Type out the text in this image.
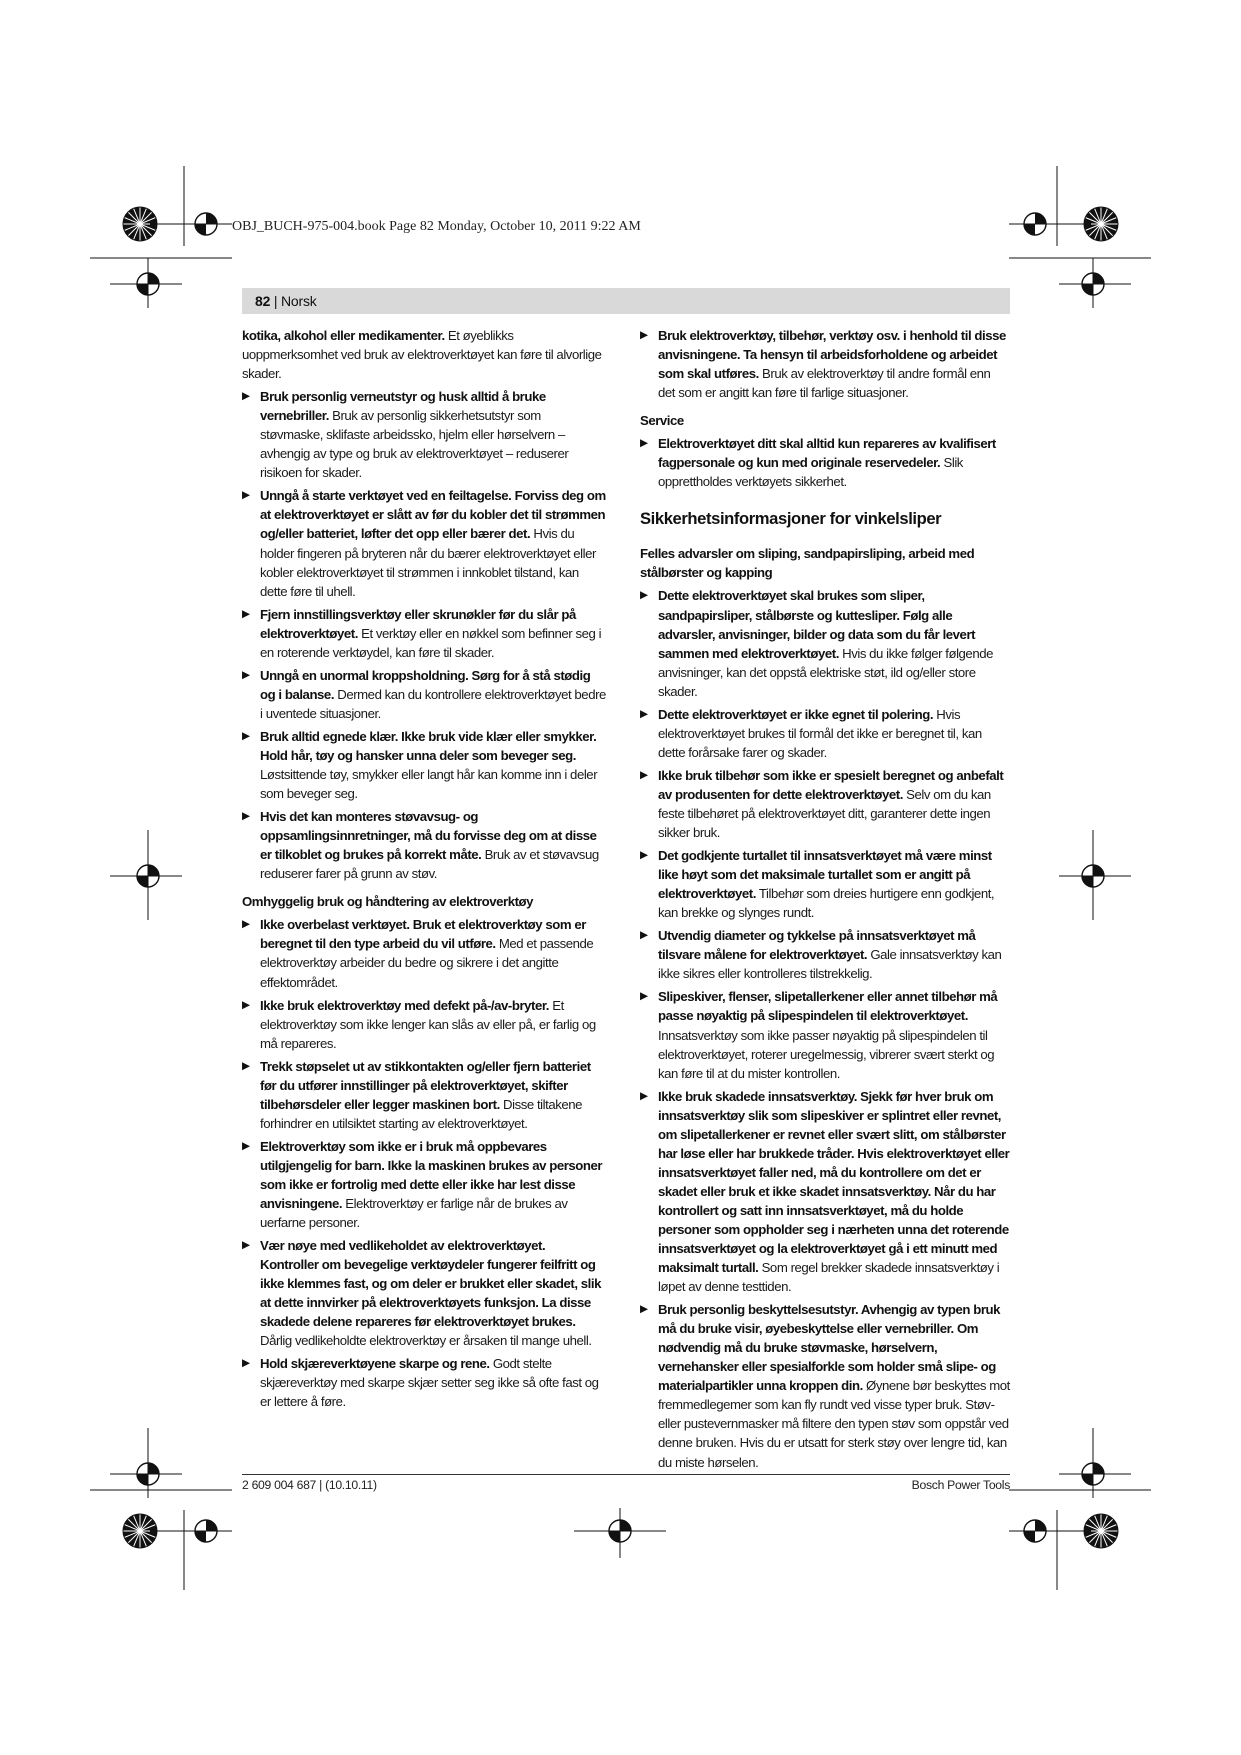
OBJ_BUCH-975-004.book Page 82 Monday, October 10, 2011 9:22 AM
82 | Norsk

kotika, alkohol eller medikamenter. Et øyeblikks uoppmerksomhet ved bruk av elektroverktøyet kan føre til alvorlige skader.

▶ Bruk personlig verneutstyr og husk alltid å bruke vernebriller. Bruk av personlig sikkerhetsutstyr som støvmaske, sklifaste arbeidssko, hjelm eller hørselvern – avhengig av type og bruk av elektroverktøyet – reduserer risikoen for skader.
▶ Unngå å starte verktøyet ved en feiltagelse. Forviss deg om at elektroverktøyet er slått av før du kobler det til strømmen og/eller batteriet, løfter det opp eller bærer det. Hvis du holder fingeren på bryteren når du bærer elektroverktøyet eller kobler elektroverktøyet til strømmen i innkoblet tilstand, kan dette føre til uhell.
▶ Fjern innstillingsverktøy eller skrunøkler før du slår på elektroverktøyet. Et verktøy eller en nøkkel som befinner seg i en roterende verktøydel, kan føre til skader.
▶ Unngå en unormal kroppsholdning. Sørg for å stå stødig og i balanse. Dermed kan du kontrollere elektroverktøyet bedre i uventede situasjoner.
▶ Bruk alltid egnede klær. Ikke bruk vide klær eller smykker. Hold hår, tøy og hansker unna deler som beveger seg. Løstsittende tøy, smykker eller langt hår kan komme inn i deler som beveger seg.
▶ Hvis det kan monteres støvavsug- og oppsamlingsinnretninger, må du forvisse deg om at disse er tilkoblet og brukes på korrekt måte. Bruk av et støvavsug reduserer farer på grunn av støv.
Omhyggelig bruk og håndtering av elektroverktøy
▶ Ikke overbelast verktøyet. Bruk et elektroverktøy som er beregnet til den type arbeid du vil utføre. Med et passende elektroverktøy arbeider du bedre og sikrere i det angitte effektområdet.
▶ Ikke bruk elektroverktøy med defekt på-/av-bryter. Et elektroverktøy som ikke lenger kan slås av eller på, er farlig og må repareres.
▶ Trekk støpselet ut av stikkontakten og/eller fjern batteriet før du utfører innstillinger på elektroverktøyet, skifter tilbehørsdeler eller legger maskinen bort. Disse tiltakene forhindrer en utilsiktet starting av elektroverktøyet.
▶ Elektroverktøy som ikke er i bruk må oppbevares utilgjengelig for barn. Ikke la maskinen brukes av personer som ikke er fortrolig med dette eller ikke har lest disse anvisningene. Elektroverktøy er farlige når de brukes av uerfarne personer.
▶ Vær nøye med vedlikeholdet av elektroverktøyet. Kontroller om bevegelige verktøydeler fungerer feilfritt og ikke klemmes fast, og om deler er brukket eller skadet, slik at dette innvirker på elektroverktøyets funksjon. La disse skadede delene repareres før elektroverktøyet brukes. Dårlig vedlikeholdte elektroverktøy er årsaken til mange uhell.
▶ Hold skjæreverktøyene skarpe og rene. Godt stelte skjæreverktøy med skarpe skjær setter seg ikke så ofte fast og er lettere å føre.
▶ Bruk elektroverktøy, tilbehør, verktøy osv. i henhold til disse anvisningene. Ta hensyn til arbeidsforholdene og arbeidet som skal utføres. Bruk av elektroverktøy til andre formål enn det som er angitt kan føre til farlige situasjoner.
Service
▶ Elektroverktøyet ditt skal alltid kun repareres av kvalifisert fagpersonale og kun med originale reservedeler. Slik opprettholdes verktøyets sikkerhet.
Sikkerhetsinformasjoner for vinkelsliper
Felles advarsler om sliping, sandpapirsliping, arbeid med stålbørster og kapping
▶ Dette elektroverktøyet skal brukes som sliper, sandpapirsliper, stålbørste og kuttesliper. Følg alle advarsler, anvisninger, bilder og data som du får levert sammen med elektroverktøyet. Hvis du ikke følger følgende anvisninger, kan det oppstå elektriske støt, ild og/eller store skader.
▶ Dette elektroverktøyet er ikke egnet til polering. Hvis elektroverktøyet brukes til formål det ikke er beregnet til, kan dette forårsake farer og skader.
▶ Ikke bruk tilbehør som ikke er spesielt beregnet og anbefalt av produsenten for dette elektroverktøyet. Selv om du kan feste tilbehøret på elektroverktøyet ditt, garanterer dette ingen sikker bruk.
▶ Det godkjente turtallet til innsatsverktøyet må være minst like høyt som det maksimale turtallet som er angitt på elektroverktøyet. Tilbehør som dreies hurtigere enn godkjent, kan brekke og slynges rundt.
▶ Utvendig diameter og tykkelse på innsatsverktøyet må tilsvare målene for elektroverktøyet. Gale innsatsverktøy kan ikke sikres eller kontrolleres tilstrekkelig.
▶ Slipeskiver, flenser, slipetallerkener eller annet tilbehør må passe nøyaktig på slipespindelen til elektroverktøyet. Innsatsverktøy som ikke passer nøyaktig på slipespindelen til elektroverktøyet, roterer uregelmessig, vibrerer svært sterkt og kan føre til at du mister kontrollen.
▶ Ikke bruk skadede innsatsverktøy. Sjekk før hver bruk om innsatsverktøy slik som slipeskiver er splintret eller revnet, om slipetallerkener er revnet eller svært slitt, om stålbørster har løse eller har brukkede tråder. Hvis elektroverktøyet eller innsatsverktøyet faller ned, må du kontrollere om det er skadet eller bruk et ikke skadet innsatsverktøy. Når du har kontrollert og satt inn innsatsverktøyet, må du holde personer som oppholder seg i nærheten unna det roterende innsatsverktøyet og la elektroverktøyet gå i ett minutt med maksimalt turtall. Som regel brekker skadede innsatsverktøy i løpet av denne testtiden.
▶ Bruk personlig beskyttelsesutstyr. Avhengig av typen bruk må du bruke visir, øyebeskyttelse eller vernebriller. Om nødvendig må du bruke støvmaske, hørselvern, vernehansker eller spesialforkle som holder små slipe- og materialpartikler unna kroppen din. Øynene bør beskyttes mot fremmedlegemer som kan fly rundt ved visse typer bruk. Støv- eller pustevernmasker må filtere den typen støv som oppstår ved denne bruken. Hvis du er utsatt for sterk støy over lengre tid, kan du miste hørselen.
2 609 004 687 | (10.10.11)	Bosch Power Tools
